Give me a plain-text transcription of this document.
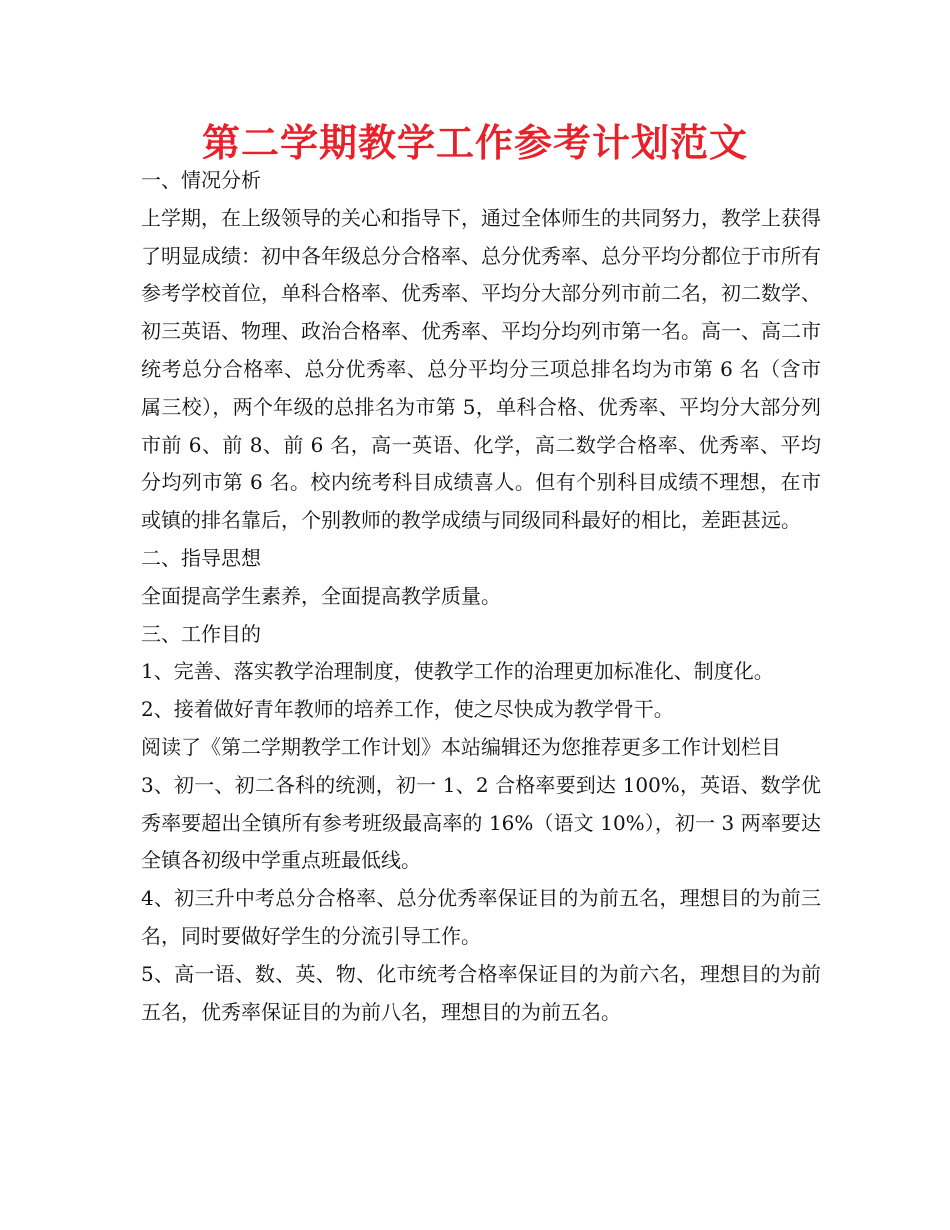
第二学期教学工作参考计划范文

一、情况分析

上学期，在上级领导的关心和指导下，通过全体师生的共同努力，教学上获得了明显成绩：初中各年级总分合格率、总分优秀率、总分平均分都位于市所有参考学校首位，单科合格率、优秀率、平均分大部分列市前二名，初二数学、初三英语、物理、政治合格率、优秀率、平均分均列市第一名。高一、高二市统考总分合格率、总分优秀率、总分平均分三项总排名均为市第 6 名（含市属三校），两个年级的总排名为市第 5，单科合格、优秀率、平均分大部分列市前 6、前 8、前 6 名，高一英语、化学，高二数学合格率、优秀率、平均分均列市第 6 名。校内统考科目成绩喜人。但有个别科目成绩不理想，在市或镇的排名靠后，个别教师的教学成绩与同级同科最好的相比，差距甚远。

二、指导思想

全面提高学生素养，全面提高教学质量。

三、工作目的

1、完善、落实教学治理制度，使教学工作的治理更加标准化、制度化。

2、接着做好青年教师的培养工作，使之尽快成为教学骨干。

阅读了《第二学期教学工作计划》本站编辑还为您推荐更多工作计划栏目

3、初一、初二各科的统测，初一 1、2 合格率要到达 100%，英语、数学优秀率要超出全镇所有参考班级最高率的 16%（语文 10%），初一 3 两率要达全镇各初级中学重点班最低线。

4、初三升中考总分合格率、总分优秀率保证目的为前五名，理想目的为前三名，同时要做好学生的分流引导工作。

5、高一语、数、英、物、化市统考合格率保证目的为前六名，理想目的为前五名，优秀率保证目的为前八名，理想目的为前五名。
